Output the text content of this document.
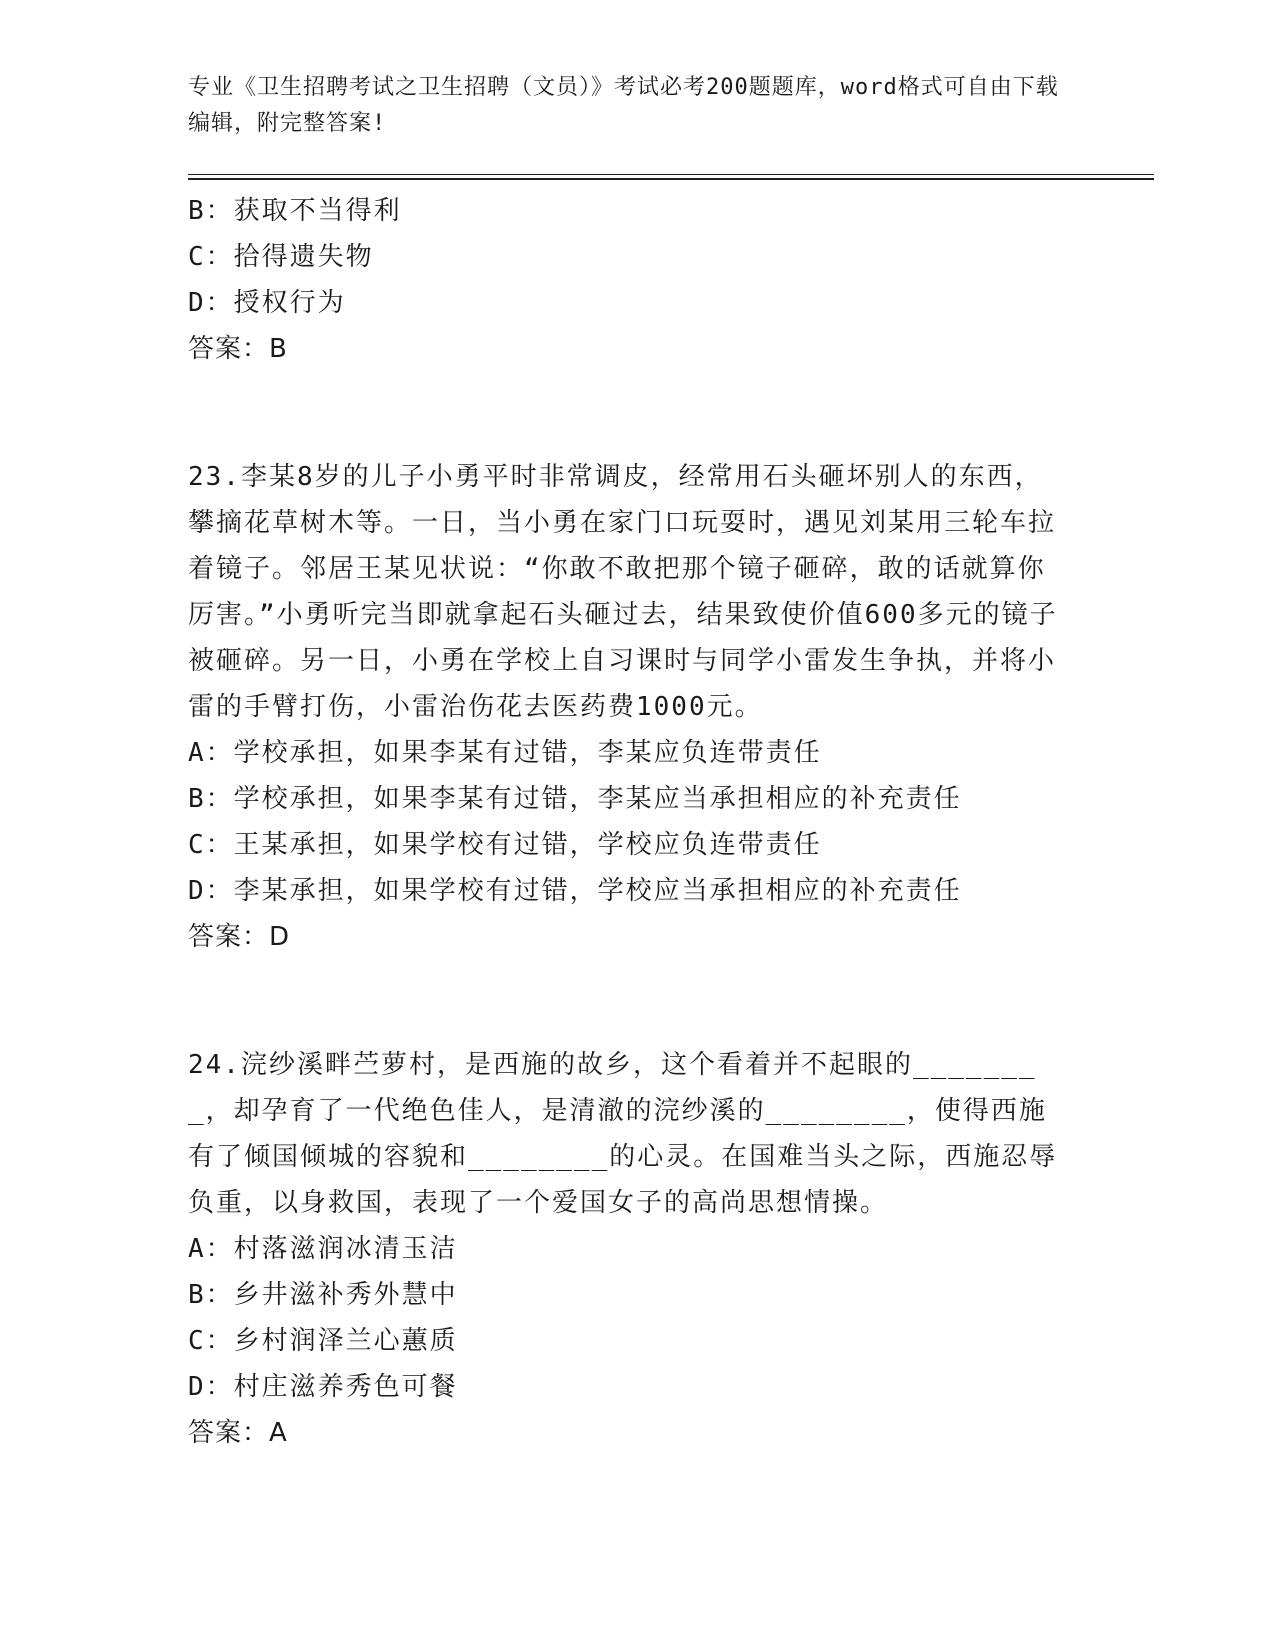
专业《卫生招聘考试之卫生招聘（文员）》考试必考200题题库，word格式可自由下载编辑，附完整答案!
B：获取不当得利
C：拾得遗失物
D：授权行为
答案：B
23.李某8岁的儿子小勇平时非常调皮，经常用石头砸坏别人的东西，攀摘花草树木等。一日，当小勇在家门口玩耍时，遇见刘某用三轮车拉着镜子。邻居王某见状说：“你敢不敢把那个镜子砸碎，敢的话就算你厉害。”小勇听完当即就拿起石头砸过去，结果致使价值600多元的镜子被砸碎。另一日，小勇在学校上自习课时与同学小雷发生争执，并将小雷的手臂打伤，小雷治伤花去医药费1000元。
A：学校承担，如果李某有过错，李某应负连带责任
B：学校承担，如果李某有过错，李某应当承担相应的补充责任
C：王某承担，如果学校有过错，学校应负连带责任
D：李某承担，如果学校有过错，学校应当承担相应的补充责任
答案：D
24.浣纱溪畔苎萝村，是西施的故乡，这个看着并不起眼的________，却孕育了一代绝色佳人，是清澈的浣纱溪的________，使得西施有了倾国倾城的容貌和________的心灵。在国难当头之际，西施忍辱负重，以身救国，表现了一个爱国女子的高尚思想情操。
A：村落滋润冰清玉洁
B：乡井滋补秀外慧中
C：乡村润泽兰心蕙质
D：村庄滋养秀色可餐
答案：A
